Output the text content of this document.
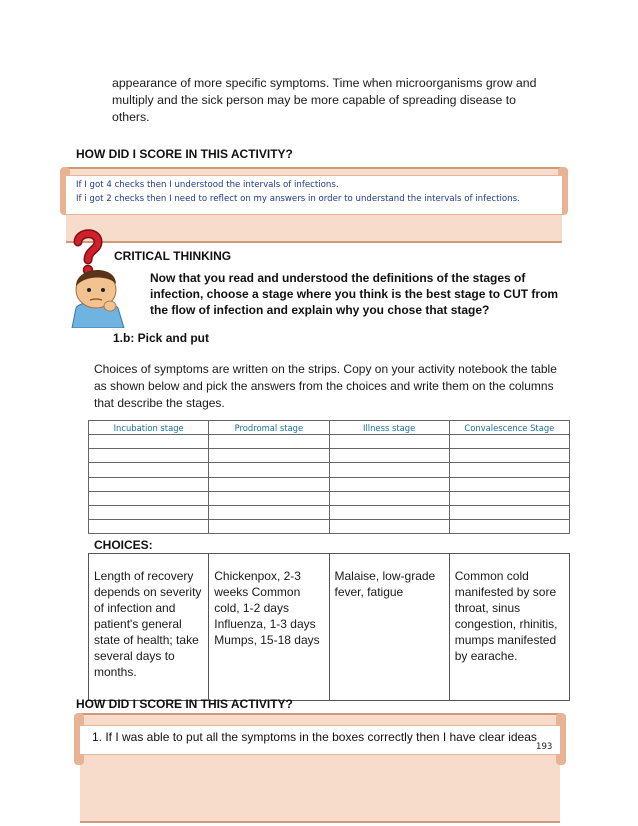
appearance of more specific symptoms. Time when microorganisms grow and
multiply and the sick person may be more capable of spreading disease to
others.
HOW DID I SCORE IN THIS ACTIVITY?
If I got 4 checks then I understood the intervals of infections.
If i got 2 checks then I need to reflect on my answers in order to understand the intervals of infections.
CRITICAL THINKING
Now that you read and understood the definitions of the stages of infection, choose a stage where you think is the best stage to CUT from the flow of infection and explain why you chose that stage?
1.b: Pick and put
Choices of symptoms are written on the strips. Copy on your activity notebook the table as shown below and pick the answers from the choices and write them on the columns that describe the stages.
Incubation stage	Prodromal stage	Illness stage	Convalescence Stage

CHOICES:
Length of recovery depends on severity of infection and patient's general state of health; take several days to months.	Chickenpox, 2-3 weeks Common cold, 1-2 days Influenza, 1-3 days Mumps, 15-18 days	Malaise, low-grade fever, fatigue	Common cold manifested by sore throat, sinus congestion, rhinitis, mumps manifested by earache.
HOW DID I SCORE IN THIS ACTIVITY?
1. If I was able to put all the symptoms in the boxes correctly then I have clear ideas
193
